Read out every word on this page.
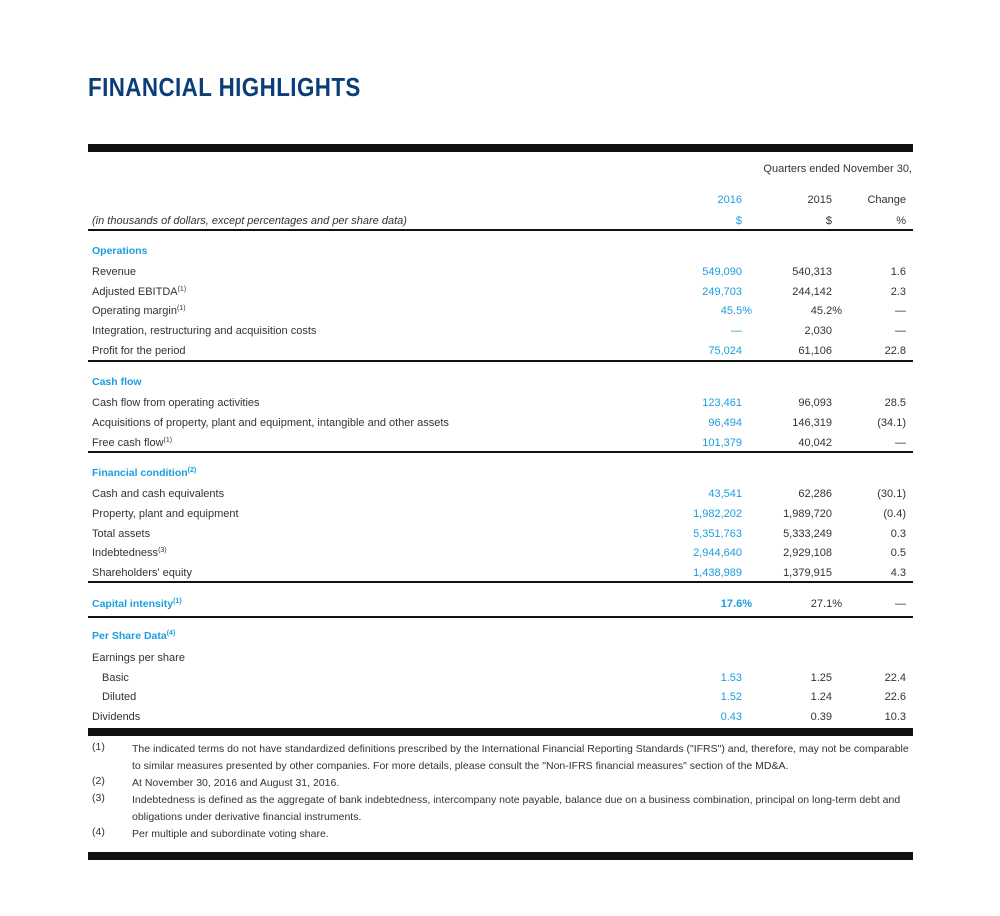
FINANCIAL HIGHLIGHTS
Quarters ended November 30,
2016	2015	Change
$	$	%
(in thousands of dollars, except percentages and per share data)
Operations
Revenue	549,090	540,313	1.6
Adjusted EBITDA$^{(1)}$	249,703	244,142	2.3
Operating margin$^{(1)}$	45.5%	45.2%	—
Integration, restructuring and acquisition costs	—	2,030	—
Profit for the period	75,024	61,106	22.8
Cash flow
Cash flow from operating activities	123,461	96,093	28.5
Acquisitions of property, plant and equipment, intangible and other assets	96,494	146,319	(34.1)
Free cash flow$^{(1)}$	101,379	40,042	—
Financial condition$^{(2)}$
Cash and cash equivalents	43,541	62,286	(30.1)
Property, plant and equipment	1,982,202	1,989,720	(0.4)
Total assets	5,351,763	5,333,249	0.3
Indebtedness$^{(3)}$	2,944,640	2,929,108	0.5
Shareholders' equity	1,438,989	1,379,915	4.3
Capital intensity$^{(1)}$	17.6%	27.1%	—
Per Share Data$^{(4)}$
Earnings per share
Basic	1.53	1.25	22.4
Diluted	1.52	1.24	22.6
Dividends	0.43	0.39	10.3
(1)	The indicated terms do not have standardized definitions prescribed by the International Financial Reporting Standards ("IFRS") and, therefore, may not be comparable to similar measures presented by other companies. For more details, please consult the "Non-IFRS financial measures" section of the MD&A.
(2)	At November 30, 2016 and August 31, 2016.
(3)	Indebtedness is defined as the aggregate of bank indebtedness, intercompany note payable, balance due on a business combination, principal on long-term debt and obligations under derivative financial instruments.
(4)	Per multiple and subordinate voting share.
